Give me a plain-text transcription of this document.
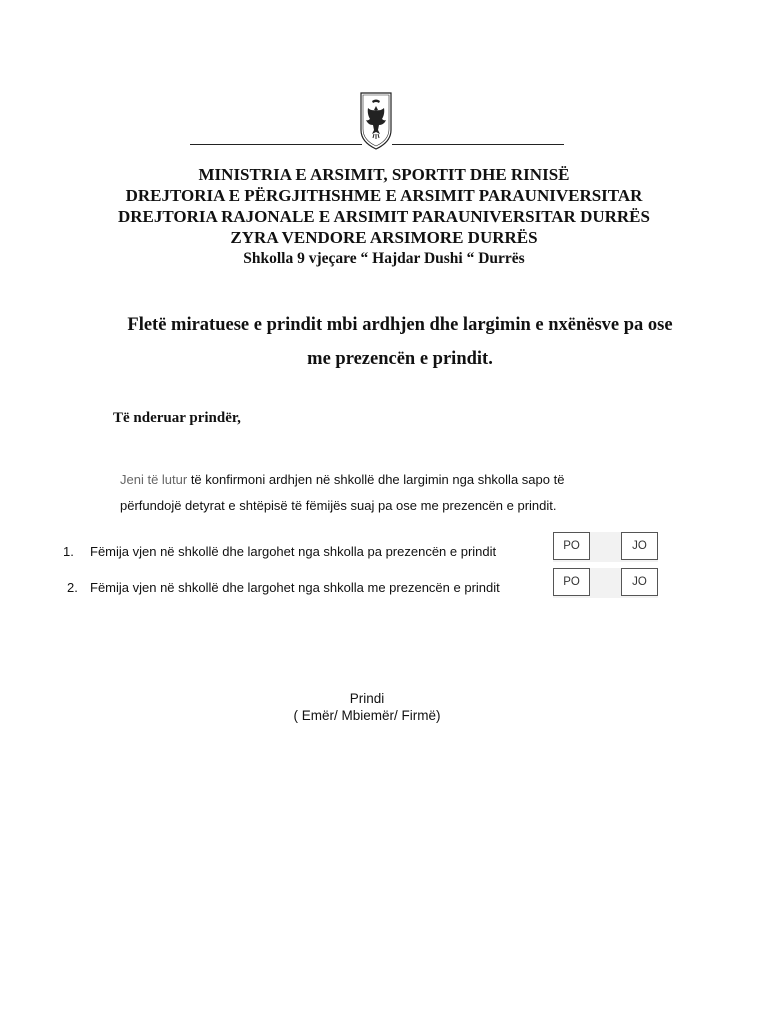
MINISTRIA E ARSIMIT, SPORTIT DHE RINISË
DREJTORIA E PËRGJITHSHME E ARSIMIT PARAUNIVERSITAR
DREJTORIA RAJONALE E ARSIMIT PARAUNIVERSITAR DURRËS
ZYRA VENDORE ARSIMORE DURRËS
Shkolla 9 vjeçare “ Hajdar Dushi “ Durrës
Fletë miratuese e prindit mbi ardhjen dhe largimin e nxënësve pa ose
me prezencën e prindit.
Të nderuar prindër,
Jeni të lutur të konfirmoni ardhjen në shkollë dhe largimin nga shkolla sapo të
përfundojë detyrat e shtëpisë të fëmijës suaj pa ose me prezencën e prindit.
1. Fëmija vjen në shkollë dhe largohet nga shkolla pa prezencën e prindit	PO	JO
2. Fëmija vjen në shkollë dhe largohet nga shkolla me prezencën e prindit	PO	JO
Prindi
( Emër/ Mbiemër/ Firmë)
